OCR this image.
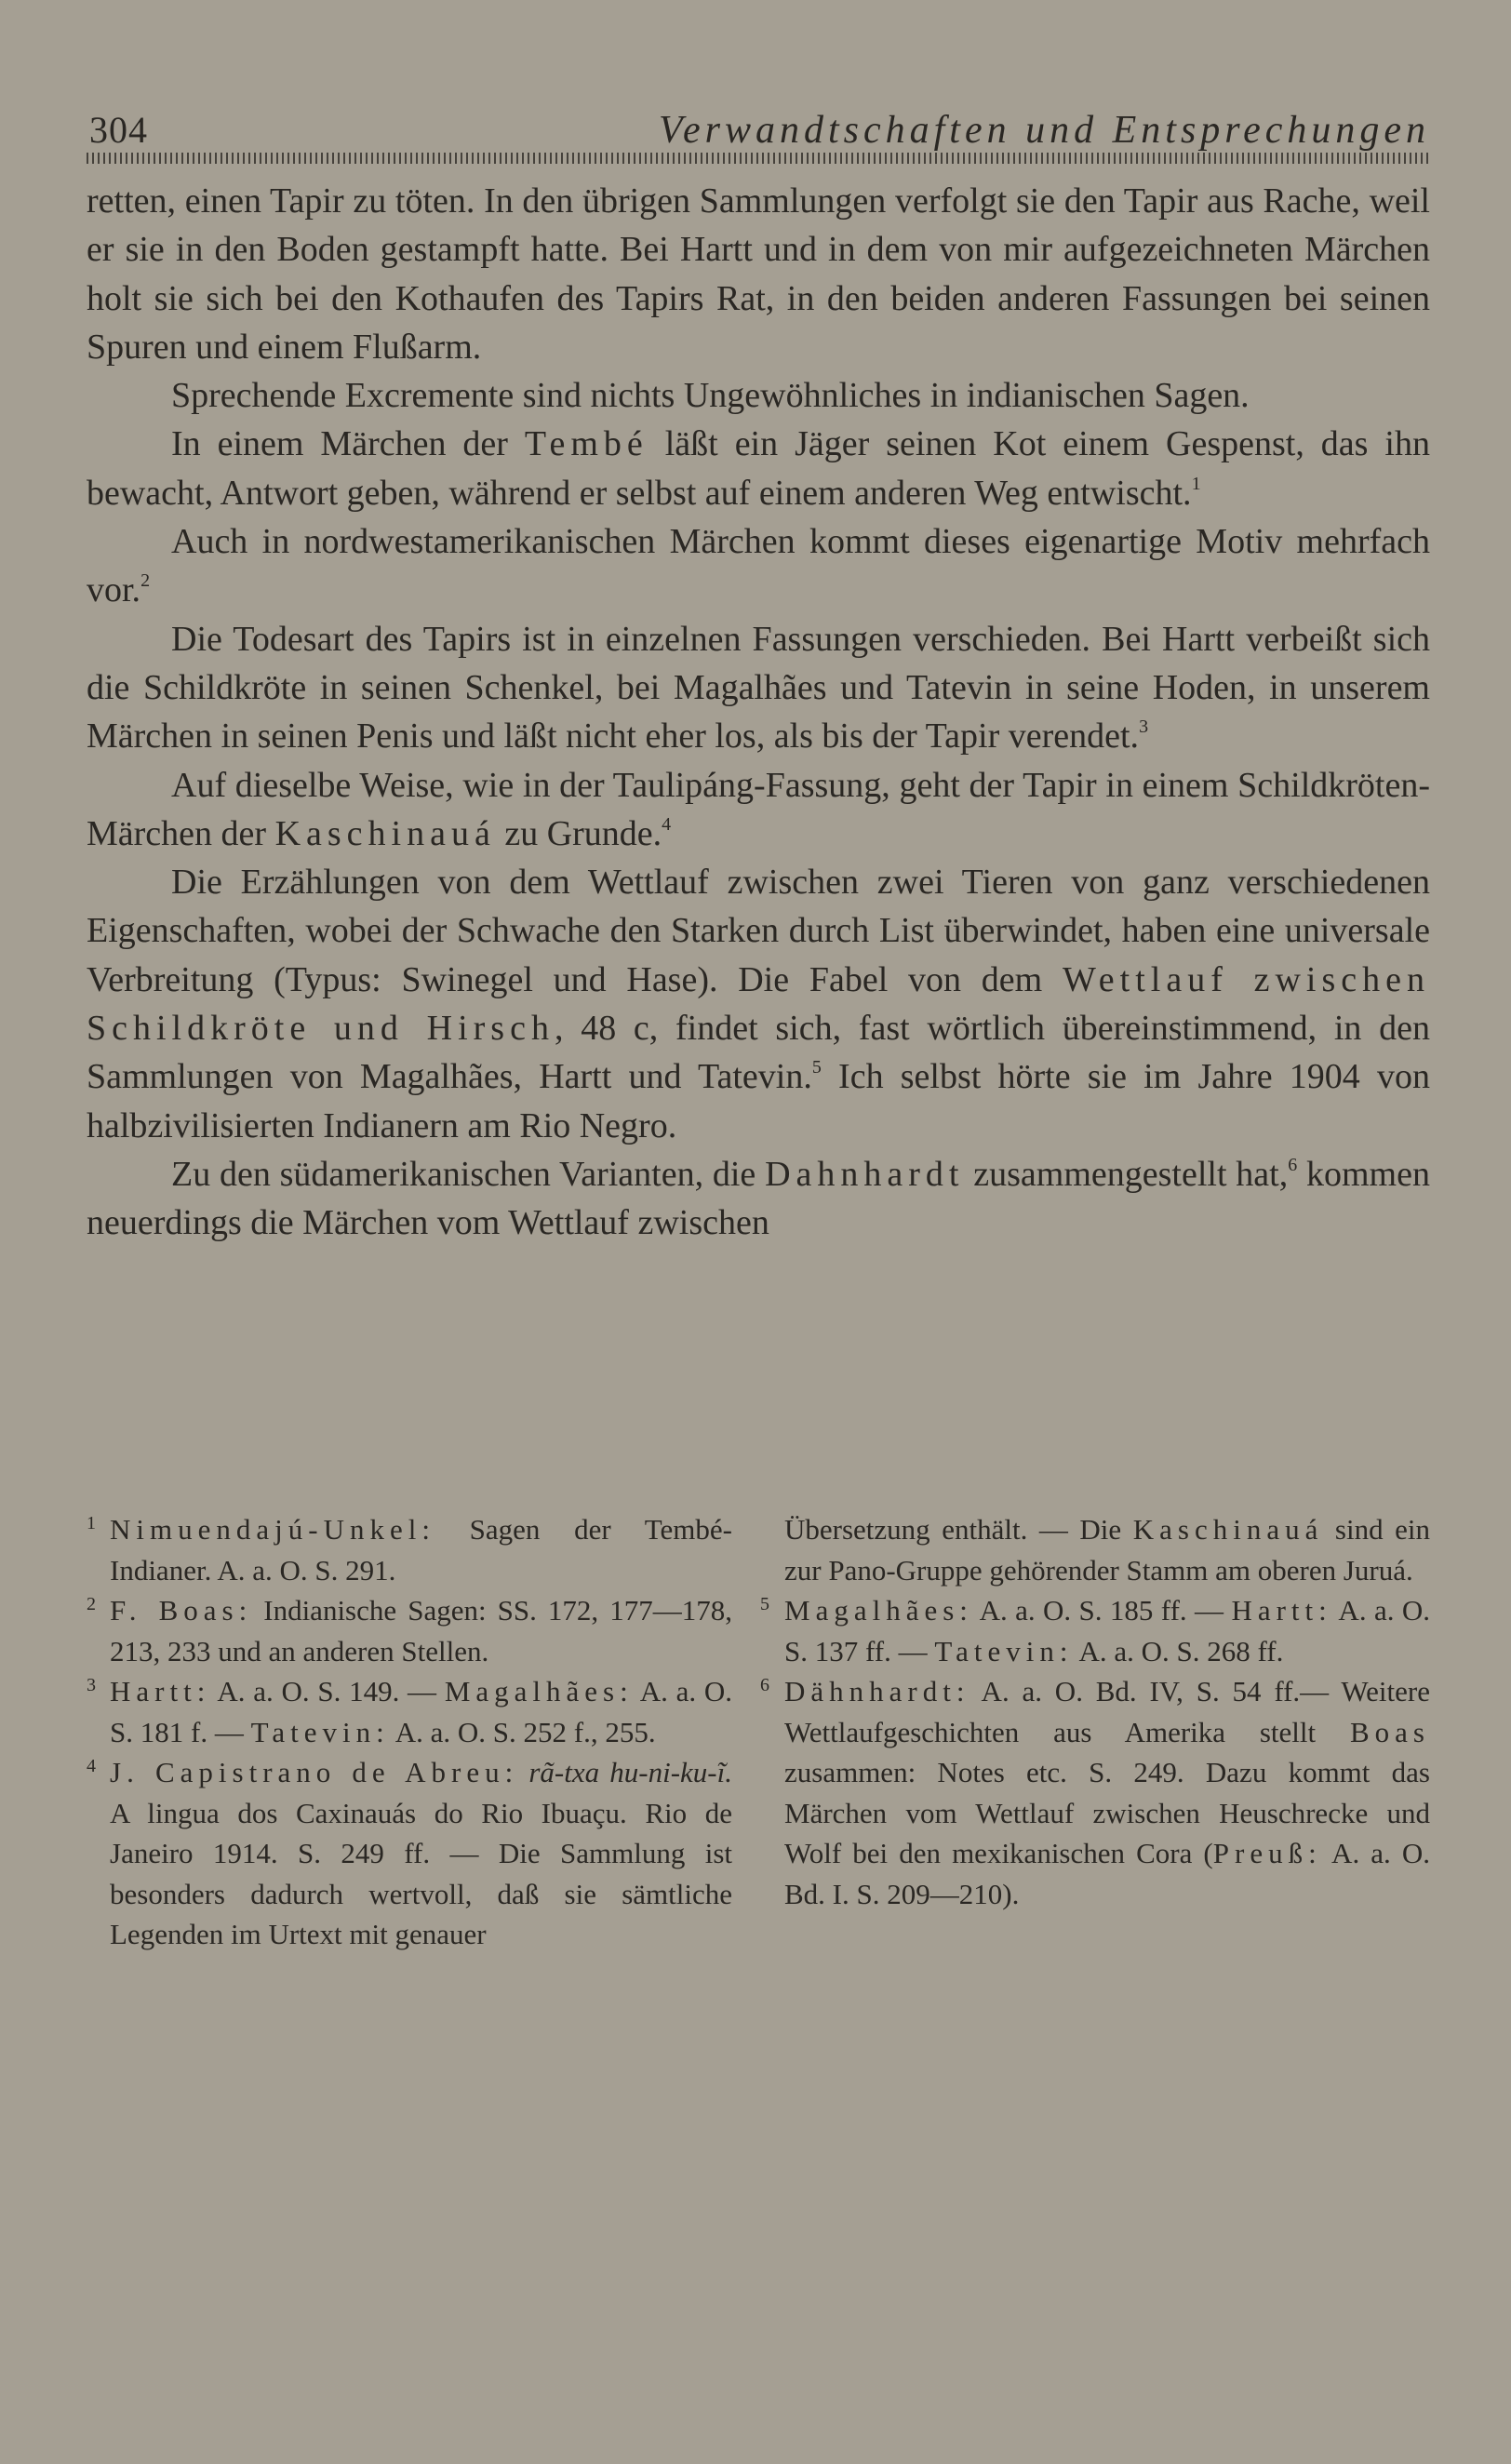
304	Verwandtschaften und Entsprechungen

retten, einen Tapir zu töten. In den übrigen Sammlungen verfolgt sie den Tapir aus Rache, weil er sie in den Boden gestampft hatte. Bei Hartt und in dem von mir aufgezeichneten Märchen holt sie sich bei den Kothaufen des Tapirs Rat, in den beiden anderen Fassungen bei seinen Spuren und einem Flußarm.

Sprechende Excremente sind nichts Ungewöhnliches in indianischen Sagen.

In einem Märchen der Tembé läßt ein Jäger seinen Kot einem Gespenst, das ihn bewacht, Antwort geben, während er selbst auf einem anderen Weg entwischt.$^1$

Auch in nordwestamerikanischen Märchen kommt dieses eigenartige Motiv mehrfach vor.$^2$

Die Todesart des Tapirs ist in einzelnen Fassungen verschieden. Bei Hartt verbeißt sich die Schildkröte in seinen Schenkel, bei Magalhães und Tatevin in seine Hoden, in unserem Märchen in seinen Penis und läßt nicht eher los, als bis der Tapir verendet.$^3$

Auf dieselbe Weise, wie in der Taulipáng-Fassung, geht der Tapir in einem Schildkröten-Märchen der Kaschinauá zu Grunde.$^4$

Die Erzählungen von dem Wettlauf zwischen zwei Tieren von ganz verschiedenen Eigenschaften, wobei der Schwache den Starken durch List überwindet, haben eine universale Verbreitung (Typus: Swinegel und Hase). Die Fabel von dem Wettlauf zwischen Schildkröte und Hirsch, 48 c, findet sich, fast wörtlich übereinstimmend, in den Sammlungen von Magalhães, Hartt und Tatevin.$^5$ Ich selbst hörte sie im Jahre 1904 von halbzivilisierten Indianern am Rio Negro.

Zu den südamerikanischen Varianten, die Dahnhardt zusammengestellt hat,$^6$ kommen neuerdings die Märchen vom Wettlauf zwischen

1 Nimuendajú-Unkel: Sagen der Tembé-Indianer. A. a. O. S. 291.

2 F. Boas: Indianische Sagen: SS. 172, 177—178, 213, 233 und an anderen Stellen.

3 Hartt: A. a. O. S. 149. — Magalhães: A. a. O. S. 181 f. — Tatevin: A. a. O. S. 252 f., 255.

4 J. Capistrano de Abreu: rã-txa hu-ni-ku-ĩ. A lingua dos Caxinauás do Rio Ibuaçu. Rio de Janeiro 1914. S. 249 ff. — Die Sammlung ist besonders dadurch wertvoll, daß sie sämtliche Legenden im Urtext mit genauer

Übersetzung enthält. — Die Kaschinauá sind ein zur Pano-Gruppe gehörender Stamm am oberen Juruá.

5 Magalhães: A. a. O. S. 185 ff. — Hartt: A. a. O. S. 137 ff. — Tatevin: A. a. O. S. 268 ff.

6 Dähnhardt: A. a. O. Bd. IV, S. 54 ff.— Weitere Wettlaufgeschichten aus Amerika stellt Boas zusammen: Notes etc. S. 249. Dazu kommt das Märchen vom Wettlauf zwischen Heuschrecke und Wolf bei den mexikanischen Cora (Preuß: A. a. O. Bd. I. S. 209—210).
